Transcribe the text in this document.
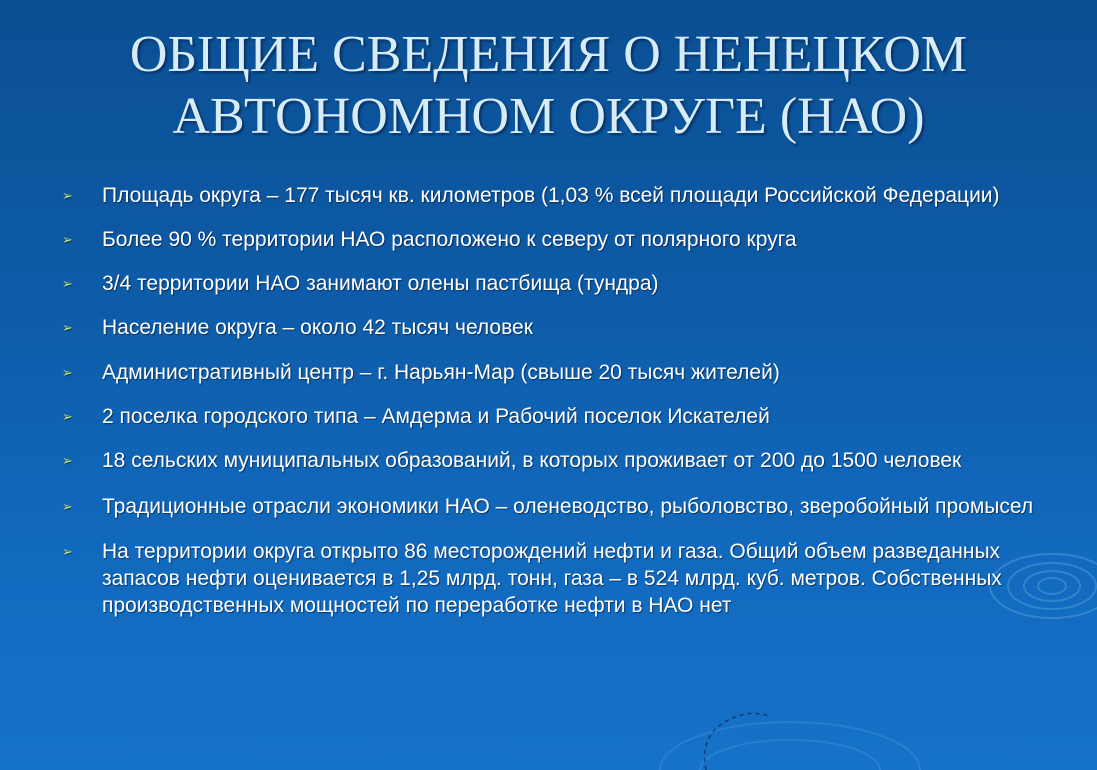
ОБЩИЕ СВЕДЕНИЯ О НЕНЕЦКОМ
АВТОНОМНОМ ОКРУГЕ (НАО)
➢	Площадь округа – 177 тысяч кв. километров (1,03 % всей площади Российской Федерации)
➢	Более 90 % территории НАО расположено к северу от полярного круга
➢	3/4 территории НАО занимают олены пастбища (тундра)
➢	Население округа – около 42 тысяч человек
➢	Административный центр – г. Нарьян-Мар (свыше 20 тысяч жителей)
➢	2 поселка городского типа – Амдерма и Рабочий поселок Искателей
➢	18 сельских муниципальных образований, в которых проживает от 200 до 1500 человек
➢	Традиционные отрасли экономики НАО – оленеводство, рыболовство, зверобойный промысел
➢	На территории округа открыто 86 месторождений нефти и газа. Общий объем разведанных запасов нефти оценивается в 1,25 млрд. тонн, газа – в 524 млрд. куб. метров. Собственных производственных мощностей по переработке нефти в НАО нет
